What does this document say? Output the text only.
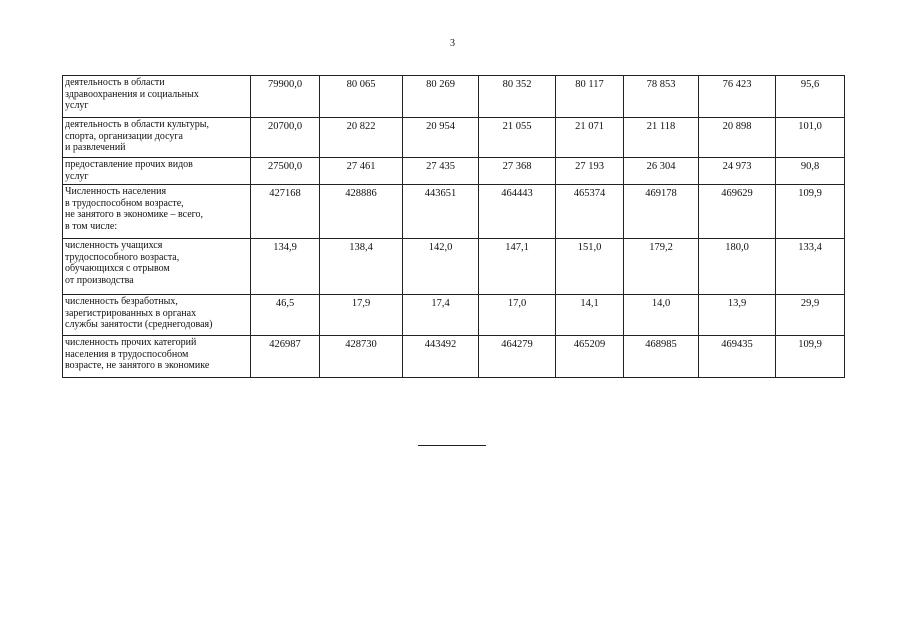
3
деятельность в области
здравоохранения и социальных
услуг	79900,0	80 065	80 269	80 352	80 117	78 853	76 423	95,6
деятельность в области культуры,
спорта, организации досуга
и развлечений	20700,0	20 822	20 954	21 055	21 071	21 118	20 898	101,0
предоставление прочих видов
услуг	27500,0	27 461	27 435	27 368	27 193	26 304	24 973	90,8
Численность населения
в трудоспособном возрасте,
не занятого в экономике – всего,
в том числе:	427168	428886	443651	464443	465374	469178	469629	109,9
численность учащихся
трудоспособного возраста,
обучающихся с отрывом
от производства	134,9	138,4	142,0	147,1	151,0	179,2	180,0	133,4
численность безработных,
зарегистрированных в органах
службы занятости (среднегодовая)	46,5	17,9	17,4	17,0	14,1	14,0	13,9	29,9
численность прочих категорий
населения в трудоспособном
возрасте, не занятого в экономике	426987	428730	443492	464279	465209	468985	469435	109,9
